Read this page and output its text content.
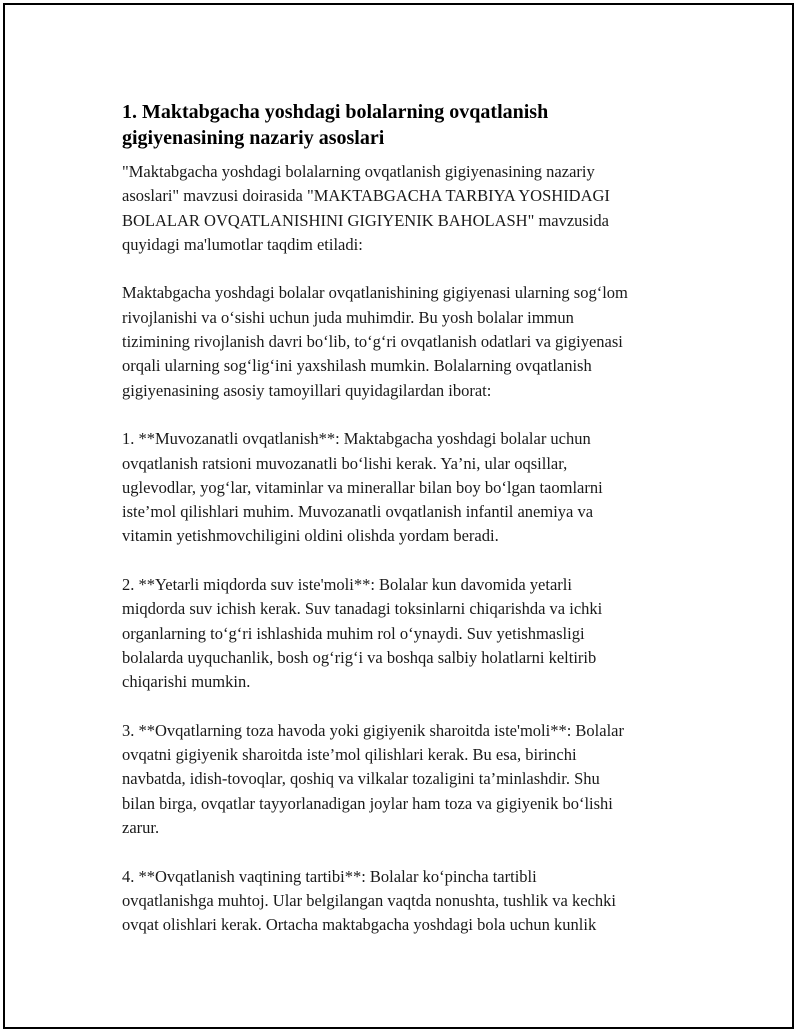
1. Maktabgacha yoshdagi bolalarning ovqatlanish
gigiyenasining nazariy asoslari

"Maktabgacha yoshdagi bolalarning ovqatlanish gigiyenasining nazariy
asoslari" mavzusi doirasida "MAKTABGACHA TARBIYA YOSHIDAGI
BOLALAR OVQATLANISHINI GIGIYENIK BAHOLASH" mavzusida
quyidagi ma'lumotlar taqdim etiladi:

Maktabgacha yoshdagi bolalar ovqatlanishining gigiyenasi ularning sog‘lom
rivojlanishi va o‘sishi uchun juda muhimdir. Bu yosh bolalar immun
tizimining rivojlanish davri bo‘lib, to‘g‘ri ovqatlanish odatlari va gigiyenasi
orqali ularning sog‘lig‘ini yaxshilash mumkin. Bolalarning ovqatlanish
gigiyenasining asosiy tamoyillari quyidagilardan iborat:

1. **Muvozanatli ovqatlanish**: Maktabgacha yoshdagi bolalar uchun
ovqatlanish ratsioni muvozanatli bo‘lishi kerak. Ya’ni, ular oqsillar,
uglevodlar, yog‘lar, vitaminlar va minerallar bilan boy bo‘lgan taomlarni
iste’mol qilishlari muhim. Muvozanatli ovqatlanish infantil anemiya va
vitamin yetishmovchiligini oldini olishda yordam beradi.

2. **Yetarli miqdorda suv iste'moli**: Bolalar kun davomida yetarli
miqdorda suv ichish kerak. Suv tanadagi toksinlarni chiqarishda va ichki
organlarning to‘g‘ri ishlashida muhim rol o‘ynaydi. Suv yetishmasligi
bolalarda uyquchanlik, bosh og‘rig‘i va boshqa salbiy holatlarni keltirib
chiqarishi mumkin.

3. **Ovqatlarning toza havoda yoki gigiyenik sharoitda iste'moli**: Bolalar
ovqatni gigiyenik sharoitda iste’mol qilishlari kerak. Bu esa, birinchi
navbatda, idish-tovoqlar, qoshiq va vilkalar tozaligini ta’minlashdir. Shu
bilan birga, ovqatlar tayyorlanadigan joylar ham toza va gigiyenik bo‘lishi
zarur.

4. **Ovqatlanish vaqtining tartibi**: Bolalar ko‘pincha tartibli
ovqatlanishga muhtoj. Ular belgilangan vaqtda nonushta, tushlik va kechki
ovqat olishlari kerak. Ortacha maktabgacha yoshdagi bola uchun kunlik
